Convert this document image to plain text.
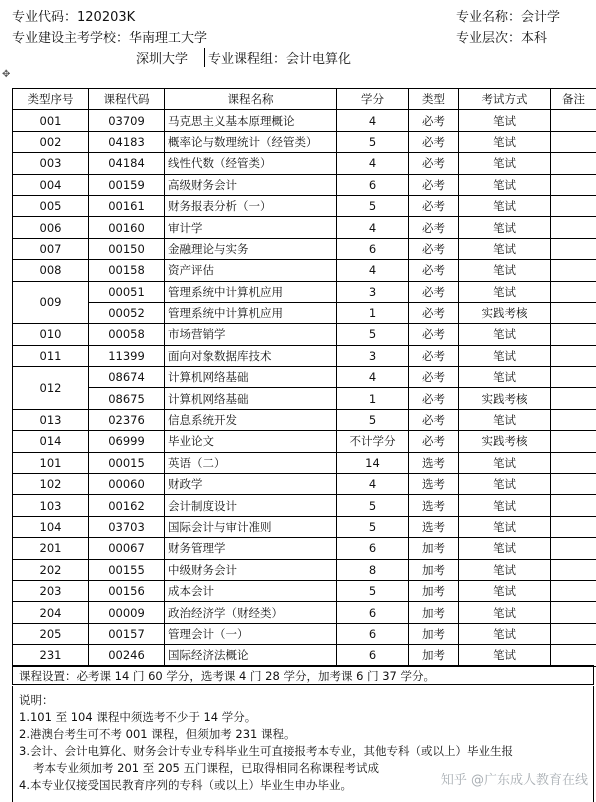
专业代码：120203K	专业名称：会计学
专业建设主考学校：华南理工大学	专业层次：本科
深圳大学	专业课程组：会计电算化
✥
类型序号	课程代码	课程名称	学分	类型	考试方式	备注
001	03709	马克思主义基本原理概论	4	必考	笔试	
002	04183	概率论与数理统计（经管类）	5	必考	笔试	
003	04184	线性代数（经管类）	4	必考	笔试	
004	00159	高级财务会计	6	必考	笔试	
005	00161	财务报表分析（一）	5	必考	笔试	
006	00160	审计学	4	必考	笔试	
007	00150	金融理论与实务	6	必考	笔试	
008	00158	资产评估	4	必考	笔试	
009	00051	管理系统中计算机应用	3	必考	笔试	
	00052	管理系统中计算机应用	1	必考	实践考核	
010	00058	市场营销学	5	必考	笔试	
011	11399	面向对象数据库技术	3	必考	笔试	
012	08674	计算机网络基础	4	必考	笔试	
	08675	计算机网络基础	1	必考	实践考核	
013	02376	信息系统开发	5	必考	笔试	
014	06999	毕业论文	不计学分	必考	实践考核	
101	00015	英语（二）	14	选考	笔试	
102	00060	财政学	4	选考	笔试	
103	00162	会计制度设计	5	选考	笔试	
104	03703	国际会计与审计准则	5	选考	笔试	
201	00067	财务管理学	6	加考	笔试	
202	00155	中级财务会计	8	加考	笔试	
203	00156	成本会计	5	加考	笔试	
204	00009	政治经济学（财经类）	6	加考	笔试	
205	00157	管理会计（一）	6	加考	笔试	
231	00246	国际经济法概论	6	加考	笔试	
课程设置：必考课 14 门 60 学分，选考课 4 门 28 学分，加考课 6 门 37 学分。
说明：
1.101 至 104 课程中须选考不少于 14 学分。
2.港澳台考生可不考 001 课程，但须加考 231 课程。
3.会计、会计电算化、财务会计专业专科毕业生可直接报考本专业，其他专科（或以上）毕业生报
考本专业须加考 201 至 205 五门课程，已取得相同名称课程考试成
4.本专业仅接受国民教育序列的专科（或以上）毕业生申办毕业。	知乎 @广东成人教育在线
